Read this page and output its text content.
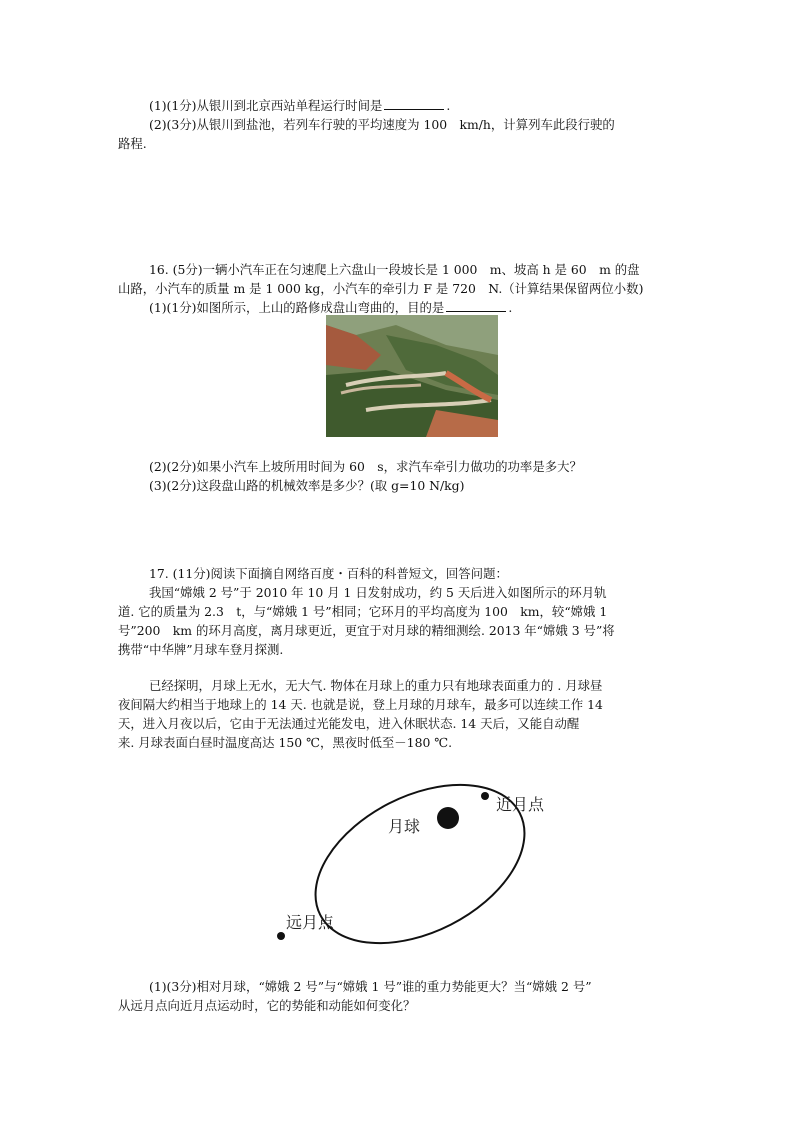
(1)(1分)从银川到北京西站单程运行时间是	.
(2)(3分)从银川到盐池，若列车行驶的平均速度为 100　km/h，计算列车此段行驶的
路程.
16. (5分)一辆小汽车正在匀速爬上六盘山一段坡长是 1 000　m、坡高 h 是 60　m 的盘
山路，小汽车的质量 m 是 1 000 kg，小汽车的牵引力 F 是 720　N.（计算结果保留两位小数)
(1)(1分)如图所示，上山的路修成盘山弯曲的，目的是	.
(2)(2分)如果小汽车上坡所用时间为 60　s，求汽车牵引力做功的功率是多大？
(3)(2分)这段盘山路的机械效率是多少？(取 g=10 N/kg)
17. (11分)阅读下面摘自网络百度・百科的科普短文，回答问题：
我国“嫦娥 2 号”于 2010 年 10 月 1 日发射成功，约 5 天后进入如图所示的环月轨
道. 它的质量为 2.3　t，与“嫦娥 1 号”相同；它环月的平均高度为 100　km，较“嫦娥 1
号”200　km 的环月高度，离月球更近，更宜于对月球的精细测绘. 2013 年“嫦娥 3 号”将
携带“中华牌”月球车登月探测.
已经探明，月球上无水，无大气. 物体在月球上的重力只有地球表面重力的 . 月球昼
夜间隔大约相当于地球上的 14 天. 也就是说，登上月球的月球车，最多可以连续工作 14
天，进入月夜以后，它由于无法通过光能发电，进入休眠状态. 14 天后，又能自动醒
来. 月球表面白昼时温度高达 150 ℃，黑夜时低至－180 ℃.
月球
近月点
远月点
(1)(3分)相对月球，“嫦娥 2 号”与“嫦娥 1 号”谁的重力势能更大？当“嫦娥 2 号”
从远月点向近月点运动时，它的势能和动能如何变化？
